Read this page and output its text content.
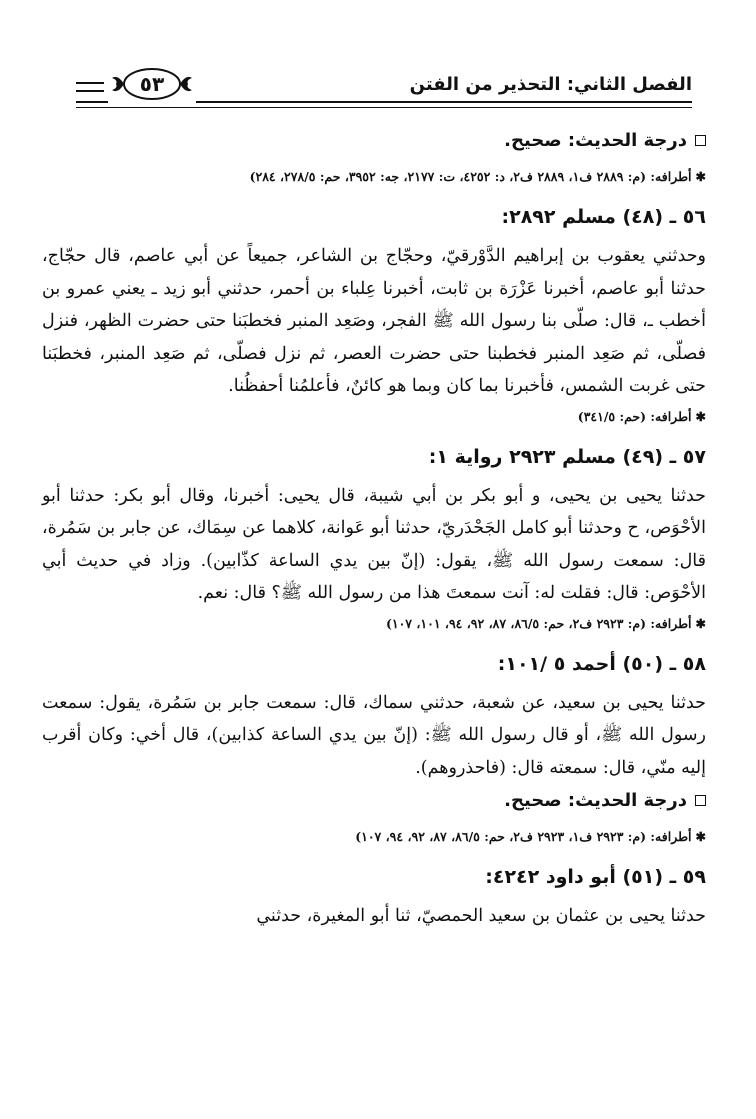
٥٣	الفصل الثاني: التحذير من الفتن
درجة الحديث: صحيح.
✱أطرافه: (م: ٢٨٨٩ ف١، ٢٨٨٩ ف٢، د: ٤٢٥٢، ت: ٢١٧٧، جه: ٣٩٥٢، حم: ٢٧٨/٥، ٢٨٤)
٥٦ ـ (٤٨) مسلم ٢٨٩٢:
وحدثني يعقوب بن إبراهيم الدَّوْرقيّ، وحجّاج بن الشاعر، جميعاً عن أبي عاصم، قال حجّاج، حدثنا أبو عاصم، أخبرنا عَزْرَة بن ثابت، أخبرنا عِلباء بن أحمر، حدثني أبو زيد ـ يعني عمرو بن أخطب ـ، قال: صلّى بنا رسول الله ﷺ الفجر، وصَعِد المنبر فخطبَنا حتى حضرت الظهر، فنزل فصلّى، ثم صَعِد المنبر فخطبنا حتى حضرت العصر، ثم نزل فصلّى، ثم صَعِد المنبر، فخطبَنا حتى غربت الشمس، فأخبرنا بما كان وبما هو كائنٌ، فأعلمُنا أحفظُنا.
✱أطرافه: (حم: ٣٤١/٥)
٥٧ ـ (٤٩) مسلم ٢٩٢٣ رواية ١:
حدثنا يحيى بن يحيى، و أبو بكر بن أبي شيبة، قال يحيى: أخبرنا، وقال أبو بكر: حدثنا أبو الأحْوَص، ح وحدثنا أبو كامل الجَحْدَريّ، حدثنا أبو عَوانة، كلاهما عن سِمَاك، عن جابر بن سَمُرة، قال: سمعت رسول الله ﷺ، يقول: (إنّ بين يدي الساعة كذّابين). وزاد في حديث أبي الأحْوَص: قال: فقلت له: آنت سمعتَ هذا من رسول الله ﷺ؟ قال: نعم.
✱أطرافه: (م: ٢٩٢٣ ف٢، حم: ٨٦/٥، ٨٧، ٩٢، ٩٤، ١٠١، ١٠٧)
٥٨ ـ (٥٠) أحمد ٥ /١٠١:
حدثنا يحيى بن سعيد، عن شعبة، حدثني سماك، قال: سمعت جابر بن سَمُرة، يقول: سمعت رسول الله ﷺ، أو قال رسول الله ﷺ: (إنّ بين يدي الساعة كذابين)، قال أخي: وكان أقرب إليه منّي، قال: سمعته قال: (فاحذروهم).
درجة الحديث: صحيح.
✱أطرافه: (م: ٢٩٢٣ ف١، ٢٩٢٣ ف٢، حم: ٨٦/٥، ٨٧، ٩٢، ٩٤، ١٠٧)
٥٩ ـ (٥١) أبو داود ٤٢٤٢:
حدثنا يحيى بن عثمان بن سعيد الحمصيّ، ثنا أبو المغيرة، حدثني
